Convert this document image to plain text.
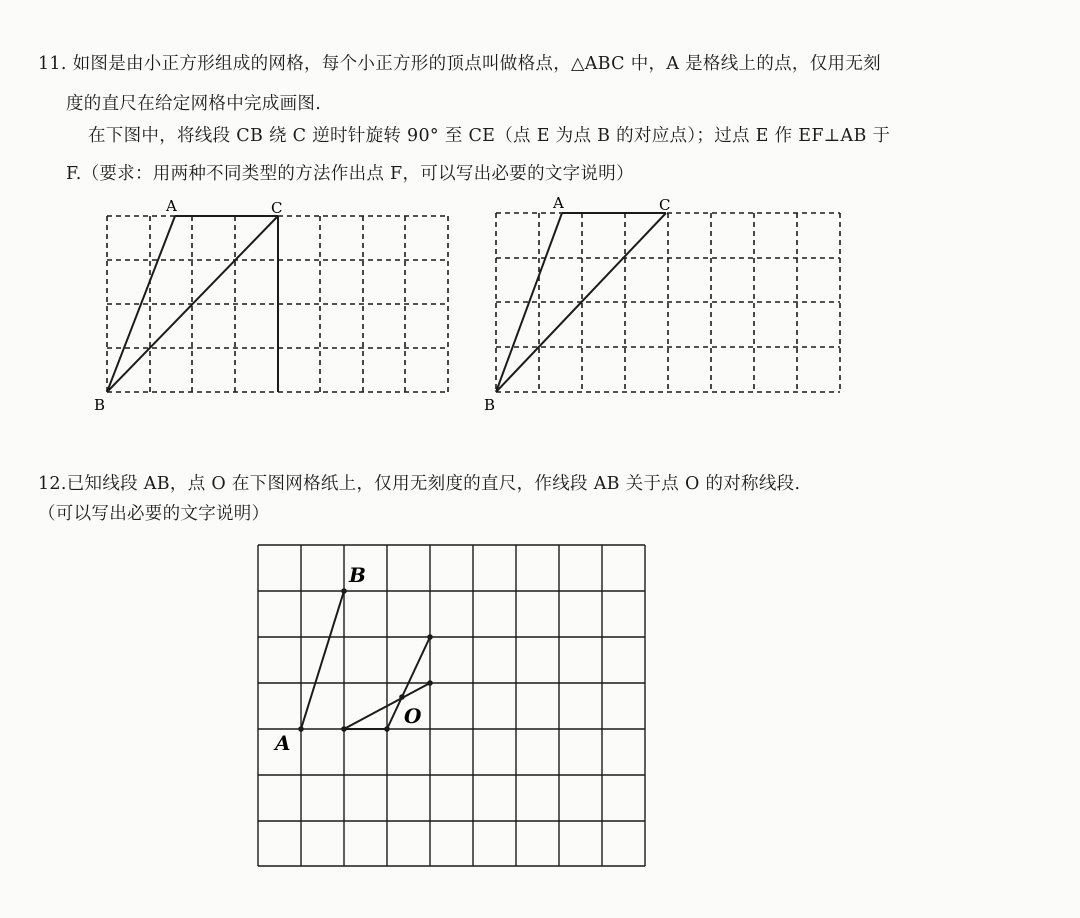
11. 如图是由小正方形组成的网格，每个小正方形的顶点叫做格点，△ABC 中，A 是格线上的点，仅用无刻
度的直尺在给定网格中完成画图.
在下图中，将线段 CB 绕 C 逆时针旋转 90° 至 CE（点 E 为点 B 的对应点）；过点 E 作 EF⊥AB 于
F.（要求：用两种不同类型的方法作出点 F，可以写出必要的文字说明）
12.已知线段 AB，点 O 在下图网格纸上，仅用无刻度的直尺，作线段 AB 关于点 O 的对称线段.
（可以写出必要的文字说明）
A	C
B
A	C
B
B
A
O
